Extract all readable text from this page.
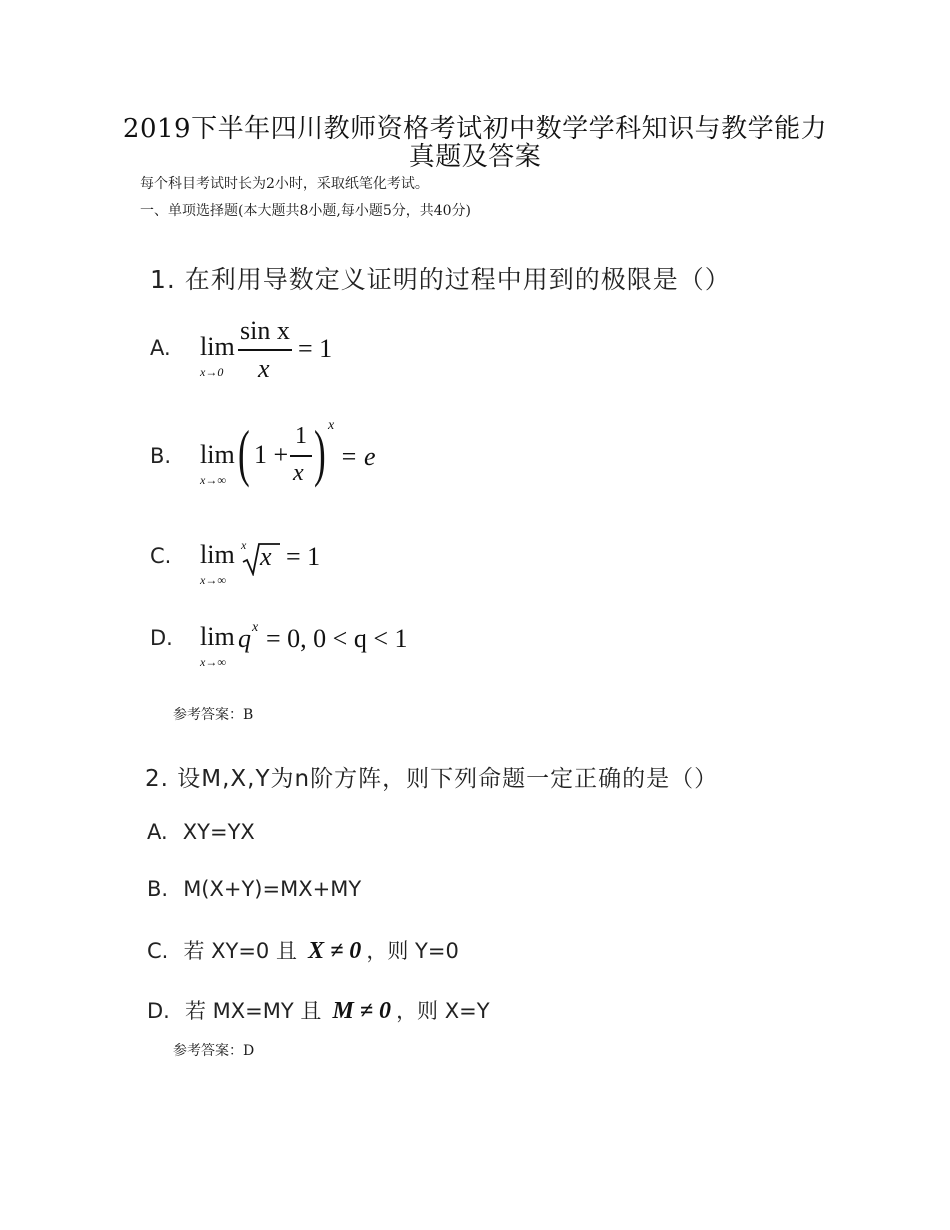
2019下半年四川教师资格考试初中数学学科知识与教学能力
真题及答案
每个科目考试时长为2小时，采取纸笔化考试。
一、单项选择题(本大题共8小题,每小题5分，共40分)
1. 在利用导数定义证明的过程中用到的极限是（）
A. lim
x→0
sin x
x
= 1
B. lim
x→∞ ( 1 +
1
x ) x
= e
C. lim
x→∞
x x = 1
D. lim
x→∞
q x = 0, 0 < q < 1
参考答案：B
2. 设M,X,Y为n阶方阵，则下列命题一定正确的是（）
A. XY=YX
B. M(X+Y)=MX+MY
C. 若 XY=0 且 X ≠ 0 ，则 Y=0
D. 若 MX=MY 且 M ≠ 0 ，则 X=Y
参考答案：D
